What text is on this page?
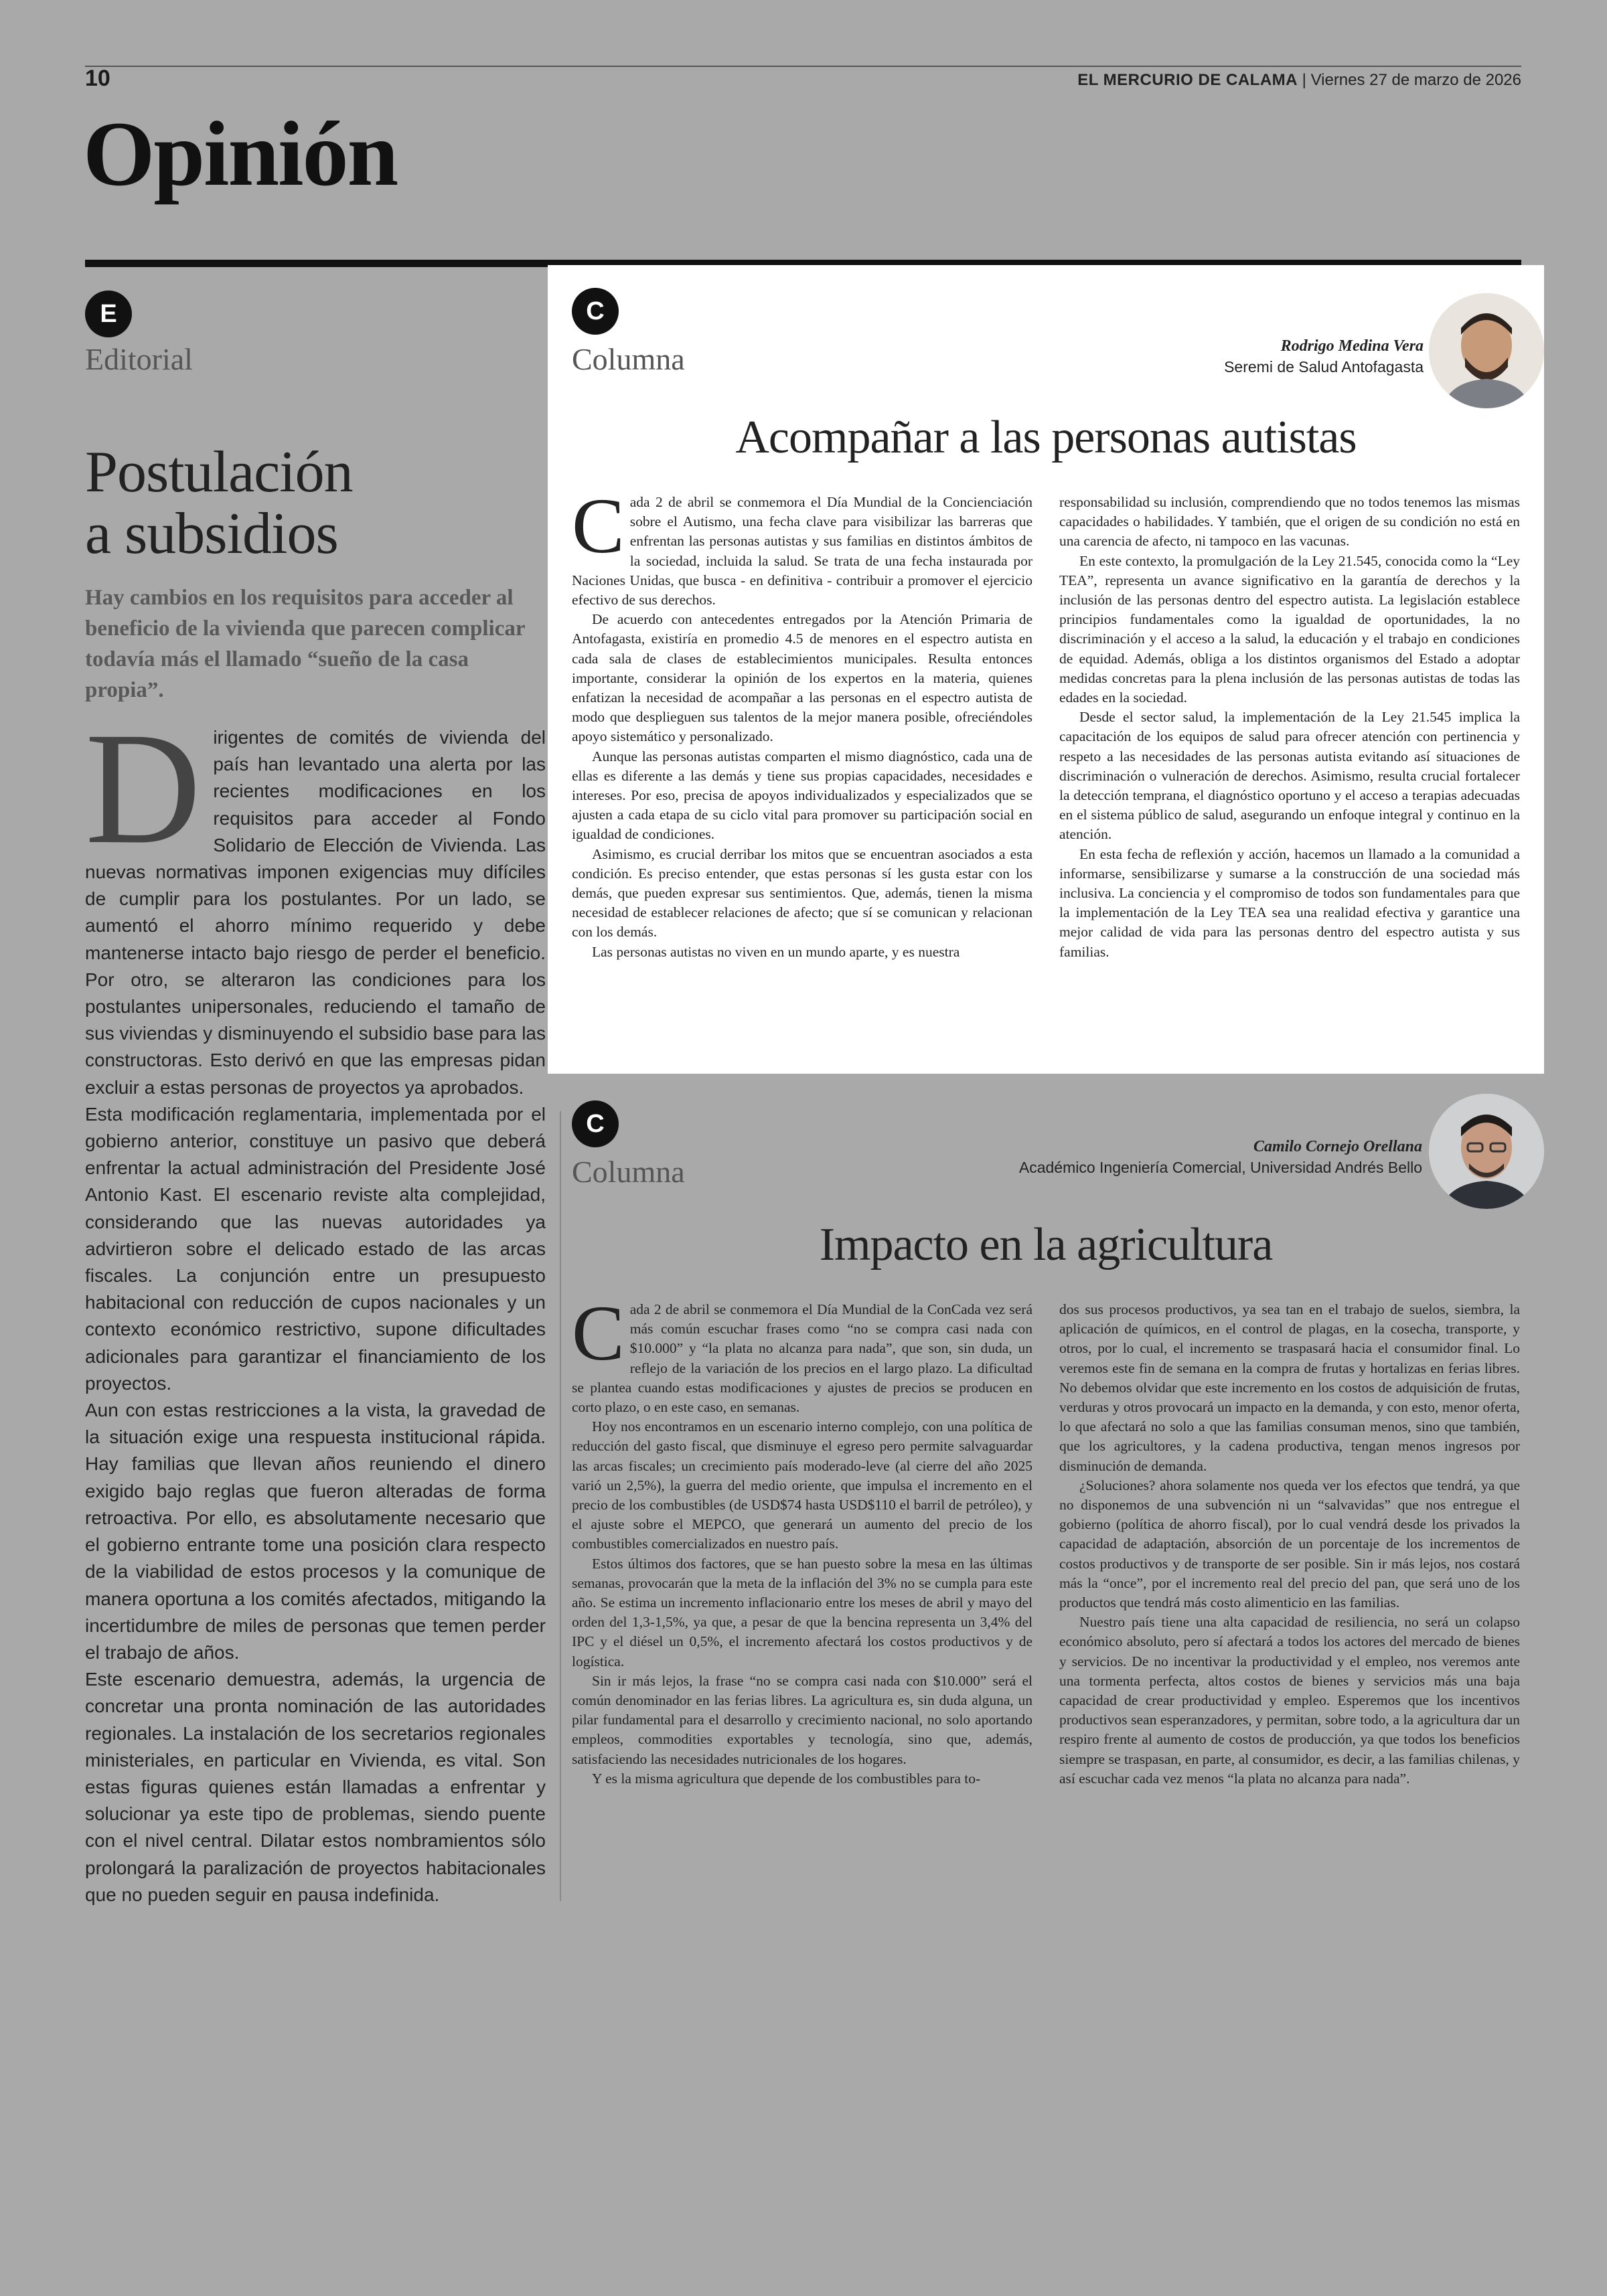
10	EL MERCURIO DE CALAMA | Viernes 27 de marzo de 2026
Opinión
E
Editorial
Postulación
a subsidios
Hay cambios en los requisitos para acceder al beneficio de la vivienda que parecen complicar todavía más el llamado “sueño de la casa propia”.

Dirigentes de comités de vivienda del país han levantado una alerta por las recientes modificaciones en los requisitos para acceder al Fondo Solidario de Elección de Vivienda. Las nuevas normativas imponen exigencias muy difíciles de cumplir para los postulantes. Por un lado, se aumentó el ahorro mínimo requerido y debe mantenerse intacto bajo riesgo de perder el beneficio. Por otro, se alteraron las condiciones para los postulantes unipersonales, reduciendo el tamaño de sus viviendas y disminuyendo el subsidio base para las constructoras. Esto derivó en que las empresas pidan excluir a estas personas de proyectos ya aprobados.

Esta modificación reglamentaria, implementada por el gobierno anterior, constituye un pasivo que deberá enfrentar la actual administración del Presidente José Antonio Kast. El escenario reviste alta complejidad, considerando que las nuevas autoridades ya advirtieron sobre el delicado estado de las arcas fiscales. La conjunción entre un presupuesto habitacional con reducción de cupos nacionales y un contexto económico restrictivo, supone dificultades adicionales para garantizar el financiamiento de los proyectos.

Aun con estas restricciones a la vista, la gravedad de la situación exige una respuesta institucional rápida. Hay familias que llevan años reuniendo el dinero exigido bajo reglas que fueron alteradas de forma retroactiva. Por ello, es absolutamente necesario que el gobierno entrante tome una posición clara respecto de la viabilidad de estos procesos y la comunique de manera oportuna a los comités afectados, mitigando la incertidumbre de miles de personas que temen perder el trabajo de años.

Este escenario demuestra, además, la urgencia de concretar una pronta nominación de las autoridades regionales. La instalación de los secretarios regionales ministeriales, en particular en Vivienda, es vital. Son estas figuras quienes están llamadas a enfrentar y solucionar ya este tipo de problemas, siendo puente con el nivel central. Dilatar estos nombramientos sólo prolongará la paralización de proyectos habitacionales que no pueden seguir en pausa indefinida.

C
Columna	Rodrigo Medina Vera
Seremi de Salud Antofagasta
Acompañar a las personas autistas

Cada 2 de abril se conmemora el Día Mundial de la Concienciación sobre el Autismo, una fecha clave para visibilizar las barreras que enfrentan las personas autistas y sus familias en distintos ámbitos de la sociedad, incluida la salud. Se trata de una fecha instaurada por Naciones Unidas, que busca - en definitiva - contribuir a promover el ejercicio efectivo de sus derechos.

De acuerdo con antecedentes entregados por la Atención Primaria de Antofagasta, existiría en promedio 4.5 de menores en el espectro autista en cada sala de clases de establecimientos municipales. Resulta entonces importante, considerar la opinión de los expertos en la materia, quienes enfatizan la necesidad de acompañar a las personas en el espectro autista de modo que desplieguen sus talentos de la mejor manera posible, ofreciéndoles apoyo sistemático y personalizado.

Aunque las personas autistas comparten el mismo diagnóstico, cada una de ellas es diferente a las demás y tiene sus propias capacidades, necesidades e intereses. Por eso, precisa de apoyos individualizados y especializados que se ajusten a cada etapa de su ciclo vital para promover su participación social en igualdad de condiciones.

Asimismo, es crucial derribar los mitos que se encuentran asociados a esta condición. Es preciso entender, que estas personas sí les gusta estar con los demás, que pueden expresar sus sentimientos. Que, además, tienen la misma necesidad de establecer relaciones de afecto; que sí se comunican y relacionan con los demás.

Las personas autistas no viven en un mundo aparte, y es nuestra

responsabilidad su inclusión, comprendiendo que no todos tenemos las mismas capacidades o habilidades. Y también, que el origen de su condición no está en una carencia de afecto, ni tampoco en las vacunas.

En este contexto, la promulgación de la Ley 21.545, conocida como la “Ley TEA”, representa un avance significativo en la garantía de derechos y la inclusión de las personas dentro del espectro autista. La legislación establece principios fundamentales como la igualdad de oportunidades, la no discriminación y el acceso a la salud, la educación y el trabajo en condiciones de equidad. Además, obliga a los distintos organismos del Estado a adoptar medidas concretas para la plena inclusión de las personas autistas de todas las edades en la sociedad.

Desde el sector salud, la implementación de la Ley 21.545 implica la capacitación de los equipos de salud para ofrecer atención con pertinencia y respeto a las necesidades de las personas autista evitando así situaciones de discriminación o vulneración de derechos. Asimismo, resulta crucial fortalecer la detección temprana, el diagnóstico oportuno y el acceso a terapias adecuadas en el sistema público de salud, asegurando un enfoque integral y continuo en la atención.

En esta fecha de reflexión y acción, hacemos un llamado a la comunidad a informarse, sensibilizarse y sumarse a la construcción de una sociedad más inclusiva. La conciencia y el compromiso de todos son fundamentales para que la implementación de la Ley TEA sea una realidad efectiva y garantice una mejor calidad de vida para las personas dentro del espectro autista y sus familias.

C
Columna
Camilo Cornejo Orellana
Académico Ingeniería Comercial, Universidad Andrés Bello
Impacto en la agricultura

Cada 2 de abril se conmemora el Día Mundial de la ConCada vez será más común escuchar frases como “no se compra casi nada con $10.000” y “la plata no alcanza para nada”, que son, sin duda, un reflejo de la variación de los precios en el largo plazo. La dificultad se plantea cuando estas modificaciones y ajustes de precios se producen en corto plazo, o en este caso, en semanas.

Hoy nos encontramos en un escenario interno complejo, con una política de reducción del gasto fiscal, que disminuye el egreso pero permite salvaguardar las arcas fiscales; un crecimiento país moderado-leve (al cierre del año 2025 varió un 2,5%), la guerra del medio oriente, que impulsa el incremento en el precio de los combustibles (de USD$74 hasta USD$110 el barril de petróleo), y el ajuste sobre el MEPCO, que generará un aumento del precio de los combustibles comercializados en nuestro país.

Estos últimos dos factores, que se han puesto sobre la mesa en las últimas semanas, provocarán que la meta de la inflación del 3% no se cumpla para este año. Se estima un incremento inflacionario entre los meses de abril y mayo del orden del 1,3-1,5%, ya que, a pesar de que la bencina representa un 3,4% del IPC y el diésel un 0,5%, el incremento afectará los costos productivos y de logística.

Sin ir más lejos, la frase “no se compra casi nada con $10.000” será el común denominador en las ferias libres. La agricultura es, sin duda alguna, un pilar fundamental para el desarrollo y crecimiento nacional, no solo aportando empleos, commodities exportables y tecnología, sino que, además, satisfaciendo las necesidades nutricionales de los hogares.

Y es la misma agricultura que depende de los combustibles para to-

dos sus procesos productivos, ya sea tan en el trabajo de suelos, siembra, la aplicación de químicos, en el control de plagas, en la cosecha, transporte, y otros, por lo cual, el incremento se traspasará hacia el consumidor final. Lo veremos este fin de semana en la compra de frutas y hortalizas en ferias libres. No debemos olvidar que este incremento en los costos de adquisición de frutas, verduras y otros provocará un impacto en la demanda, y con esto, menor oferta, lo que afectará no solo a que las familias consuman menos, sino que también, que los agricultores, y la cadena productiva, tengan menos ingresos por disminución de demanda.

¿Soluciones? ahora solamente nos queda ver los efectos que tendrá, ya que no disponemos de una subvención ni un “salvavidas” que nos entregue el gobierno (política de ahorro fiscal), por lo cual vendrá desde los privados la capacidad de adaptación, absorción de un porcentaje de los incrementos de costos productivos y de transporte de ser posible. Sin ir más lejos, nos costará más la “once”, por el incremento real del precio del pan, que será uno de los productos que tendrá más costo alimenticio en las familias.

Nuestro país tiene una alta capacidad de resiliencia, no será un colapso económico absoluto, pero sí afectará a todos los actores del mercado de bienes y servicios. De no incentivar la productividad y el empleo, nos veremos ante una tormenta perfecta, altos costos de bienes y servicios más una baja capacidad de crear productividad y empleo. Esperemos que los incentivos productivos sean esperanzadores, y permitan, sobre todo, a la agricultura dar un respiro frente al aumento de costos de producción, ya que todos los beneficios siempre se traspasan, en parte, al consumidor, es decir, a las familias chilenas, y así escuchar cada vez menos “la plata no alcanza para nada”.
